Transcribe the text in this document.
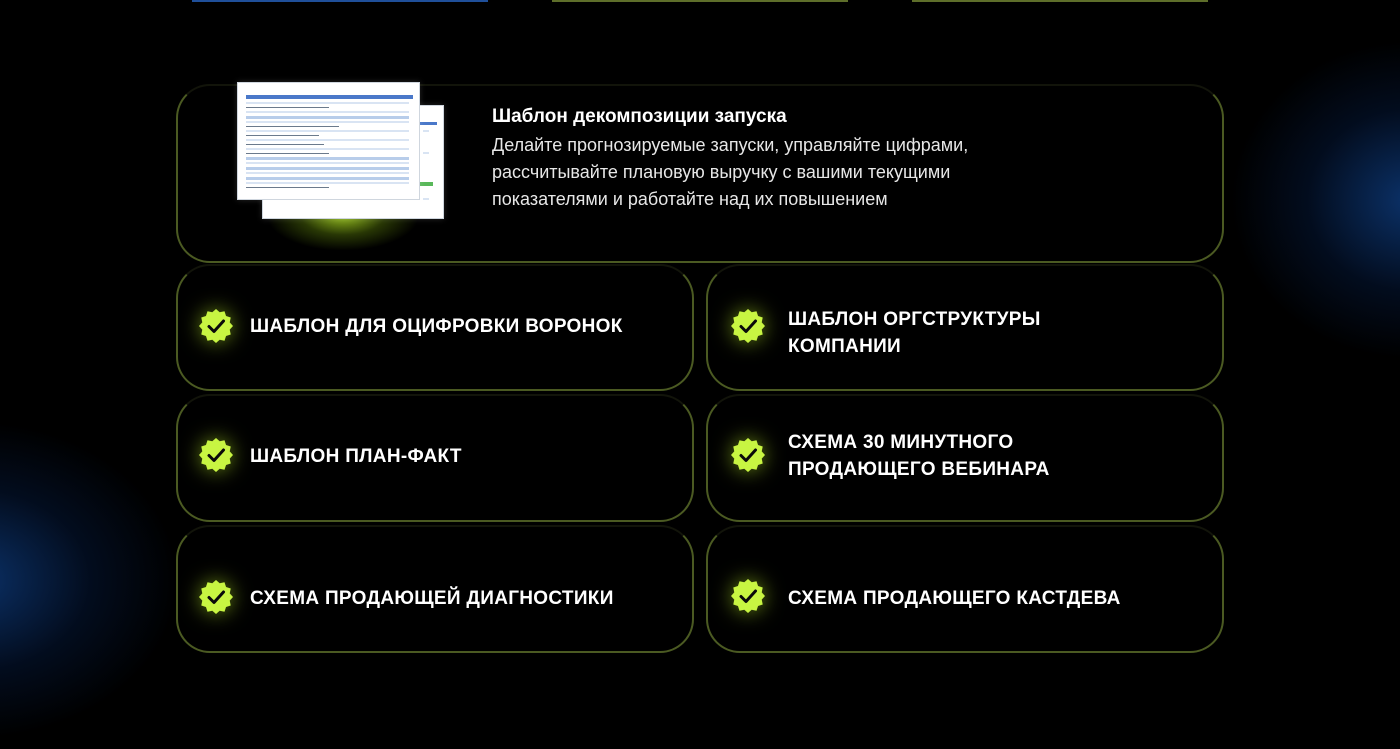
Шаблон декомпозиции запуска
Делайте прогнозируемые запуски, управляйте цифрами,
рассчитывайте плановую выручку с вашими текущими
показателями и работайте над их повышением
ШАБЛОН ДЛЯ ОЦИФРОВКИ ВОРОНОК	ШАБЛОН ОРГСТРУКТУРЫ
КОМПАНИИ
ШАБЛОН ПЛАН-ФАКТ
СХЕМА 30 МИНУТНОГО
ПРОДАЮЩЕГО ВЕБИНАРА
СХЕМА ПРОДАЮЩЕЙ ДИАГНОСТИКИ	СХЕМА ПРОДАЮЩЕГО КАСТДЕВА
